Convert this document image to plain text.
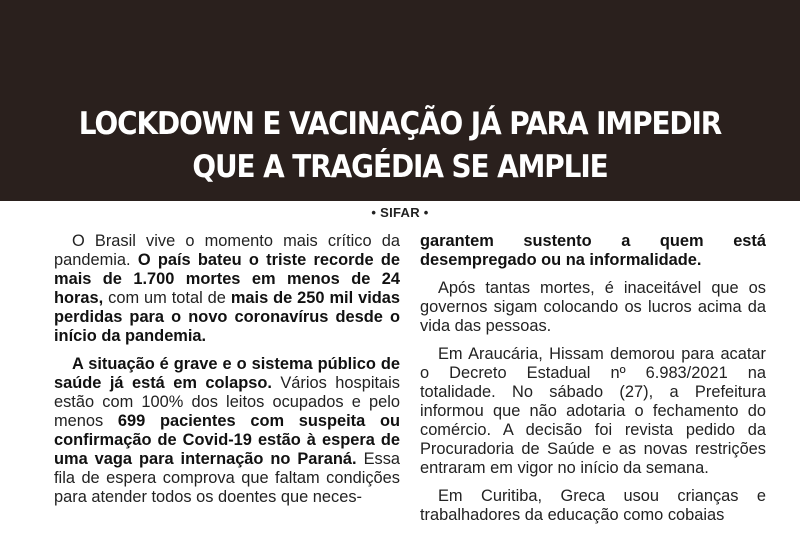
LOCKDOWN E VACINAÇÃO JÁ PARA IMPEDIR
QUE A TRAGÉDIA SE AMPLIE
• SIFAR •

O Brasil vive o momento mais crítico da pandemia. O país bateu o triste recorde de mais de 1.700 mortes em menos de 24 horas, com um total de mais de 250 mil vidas perdidas para o novo coronavírus desde o início da pandemia.

A situação é grave e o sistema público de saúde já está em colapso. Vários hospitais estão com 100% dos leitos ocupados e pelo menos 699 pacientes com suspeita ou confirmação de Covid-19 estão à espera de uma vaga para internação no Paraná. Essa fila de espera comprova que faltam condições para atender todos os doentes que neces-

garantem sustento a quem está desempregado ou na informalidade.

Após tantas mortes, é inaceitável que os governos sigam colocando os lucros acima da vida das pessoas.

Em Araucária, Hissam demorou para acatar o Decreto Estadual nº 6.983/2021 na totalidade. No sábado (27), a Prefeitura informou que não adotaria o fechamento do comércio. A decisão foi revista pedido da Procuradoria de Saúde e as novas restrições entraram em vigor no início da semana.

Em Curitiba, Greca usou crianças e trabalhadores da educação como cobaias
